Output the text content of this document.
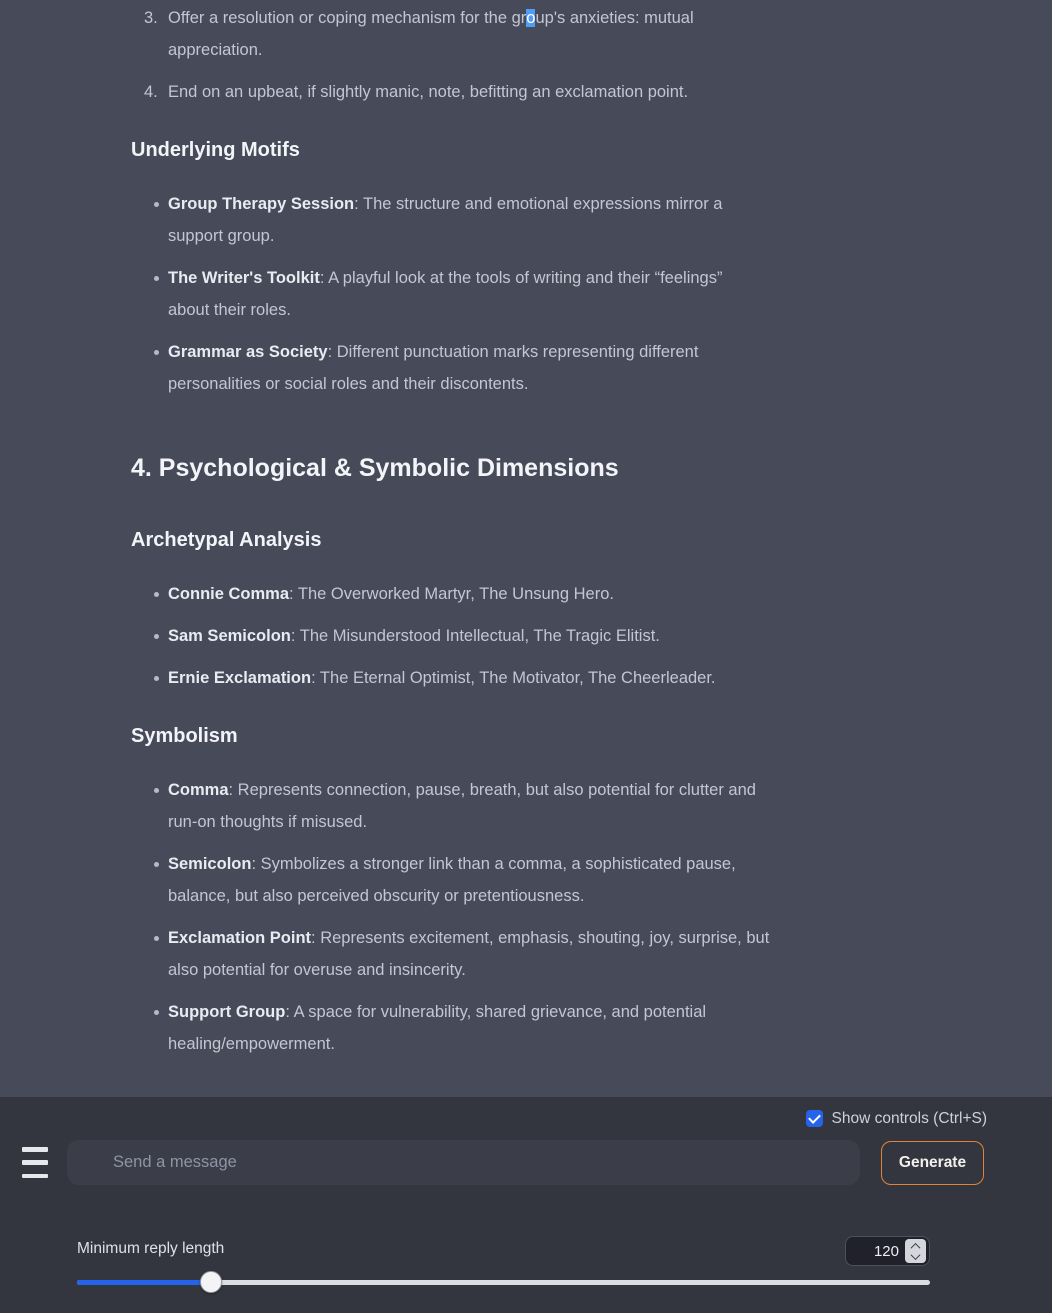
3. Offer a resolution or coping mechanism for the group's anxieties: mutual
appreciation.
4. End on an upbeat, if slightly manic, note, befitting an exclamation point.
Underlying Motifs
Group Therapy Session: The structure and emotional expressions mirror a
support group.
The Writer's Toolkit: A playful look at the tools of writing and their “feelings”
about their roles.
Grammar as Society: Different punctuation marks representing different
personalities or social roles and their discontents.
4. Psychological & Symbolic Dimensions
Archetypal Analysis
Connie Comma: The Overworked Martyr, The Unsung Hero.
Sam Semicolon: The Misunderstood Intellectual, The Tragic Elitist.
Ernie Exclamation: The Eternal Optimist, The Motivator, The Cheerleader.
Symbolism
Comma: Represents connection, pause, breath, but also potential for clutter and
run-on thoughts if misused.
Semicolon: Symbolizes a stronger link than a comma, a sophisticated pause,
balance, but also perceived obscurity or pretentiousness.
Exclamation Point: Represents excitement, emphasis, shouting, joy, surprise, but
also potential for overuse and insincerity.
Support Group: A space for vulnerability, shared grievance, and potential
healing/empowerment.
Show controls (Ctrl+S)
Send a message
Generate
Minimum reply length
120
